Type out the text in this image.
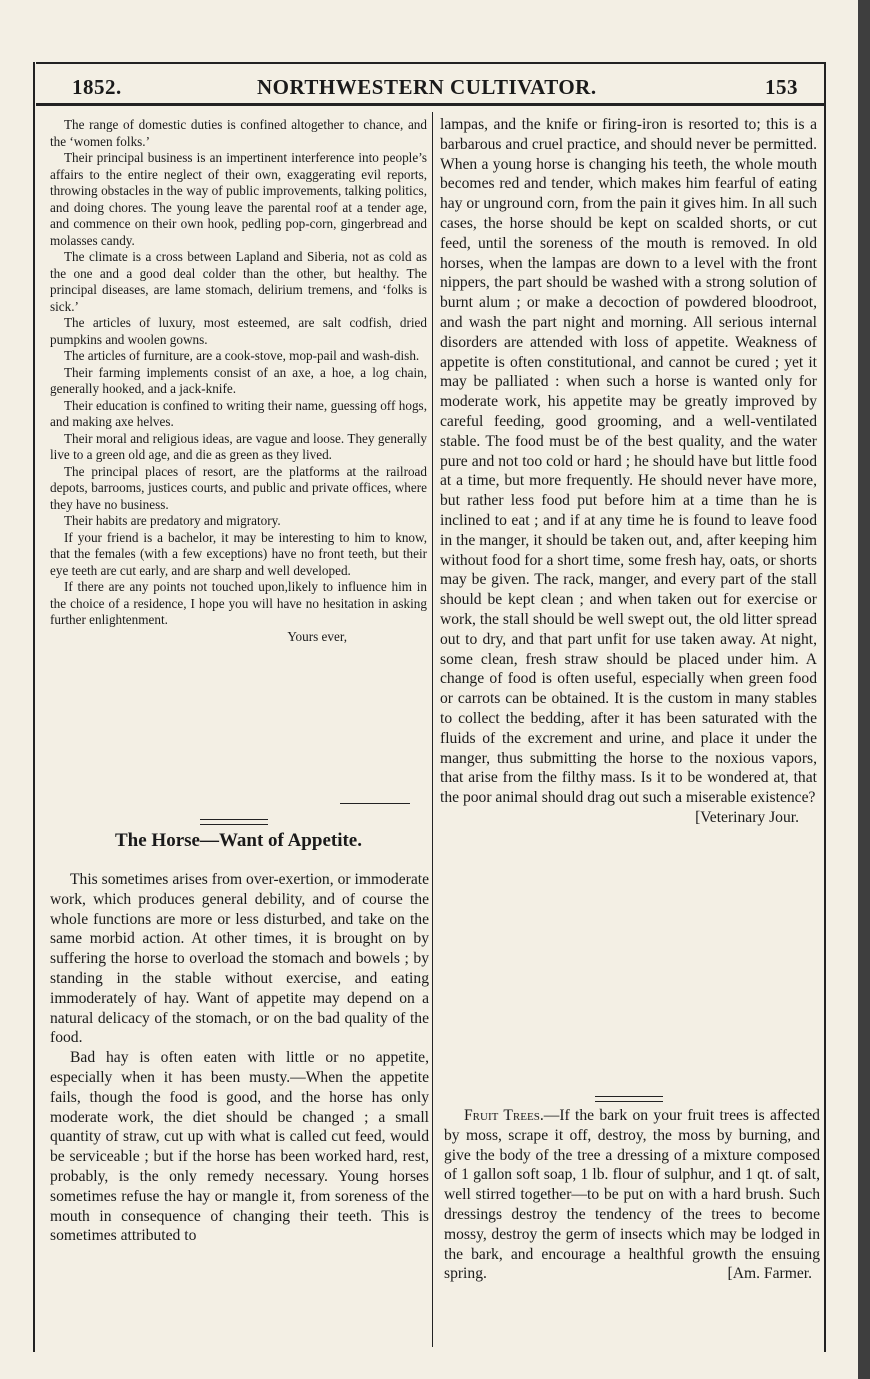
1852.	NORTHWESTERN CULTIVATOR.	153

The range of domestic duties is confined altogether to chance, and the ‘women folks.’

Their principal business is an impertinent interference into people’s affairs to the entire neglect of their own, exaggerating evil reports, throwing obstacles in the way of public improvements, talking politics, and doing chores. The young leave the parental roof at a tender age, and commence on their own hook, pedling pop-corn, gingerbread and molasses candy.

The climate is a cross between Lapland and Siberia, not as cold as the one and a good deal colder than the other, but healthy. The principal diseases, are lame stomach, delirium tremens, and ‘folks is sick.’

The articles of luxury, most esteemed, are salt codfish, dried pumpkins and woolen gowns.

The articles of furniture, are a cook-stove, mop-pail and wash-dish.

Their farming implements consist of an axe, a hoe, a log chain, generally hooked, and a jack-knife.

Their education is confined to writing their name, guessing off hogs, and making axe helves.

Their moral and religious ideas, are vague and loose. They generally live to a green old age, and die as green as they lived.

The principal places of resort, are the platforms at the railroad depots, barrooms, justices courts, and public and private offices, where they have no business.

Their habits are predatory and migratory.

If your friend is a bachelor, it may be interesting to him to know, that the females (with a few exceptions) have no front teeth, but their eye teeth are cut early, and are sharp and well developed.

If there are any points not touched upon,likely to influence him in the choice of a residence, I hope you will have no hesitation in asking further enlightenment.

Yours ever,

The Horse—Want of Appetite.

This sometimes arises from over-exertion, or immoderate work, which produces general debility, and of course the whole functions are more or less disturbed, and take on the same morbid action. At other times, it is brought on by suffering the horse to overload the stomach and bowels ; by standing in the stable without exercise, and eating immoderately of hay. Want of appetite may depend on a natural delicacy of the stomach, or on the bad quality of the food.

Bad hay is often eaten with little or no appetite, especially when it has been musty.—When the appetite fails, though the food is good, and the horse has only moderate work, the diet should be changed ; a small quantity of straw, cut up with what is called cut feed, would be serviceable ; but if the horse has been worked hard, rest, probably, is the only remedy necessary. Young horses sometimes refuse the hay or mangle it, from soreness of the mouth in consequence of changing their teeth. This is sometimes attributed to

lampas, and the knife or firing-iron is resorted to; this is a barbarous and cruel practice, and should never be permitted. When a young horse is changing his teeth, the whole mouth becomes red and tender, which makes him fearful of eating hay or unground corn, from the pain it gives him. In all such cases, the horse should be kept on scalded shorts, or cut feed, until the soreness of the mouth is removed. In old horses, when the lampas are down to a level with the front nippers, the part should be washed with a strong solution of burnt alum ; or make a decoction of powdered bloodroot, and wash the part night and morning. All serious internal disorders are attended with loss of appetite. Weakness of appetite is often constitutional, and cannot be cured ; yet it may be palliated : when such a horse is wanted only for moderate work, his appetite may be greatly improved by careful feeding, good grooming, and a well-ventilated stable. The food must be of the best quality, and the water pure and not too cold or hard ; he should have but little food at a time, but more frequently. He should never have more, but rather less food put before him at a time than he is inclined to eat ; and if at any time he is found to leave food in the manger, it should be taken out, and, after keeping him without food for a short time, some fresh hay, oats, or shorts may be given. The rack, manger, and every part of the stall should be kept clean ; and when taken out for exercise or work, the stall should be well swept out, the old litter spread out to dry, and that part unfit for use taken away. At night, some clean, fresh straw should be placed under him. A change of food is often useful, especially when green food or carrots can be obtained. It is the custom in many stables to collect the bedding, after it has been saturated with the fluids of the excrement and urine, and place it under the manger, thus submitting the horse to the noxious vapors, that arise from the filthy mass. Is it to be wondered at, that the poor animal should drag out such a miserable existence?

[Veterinary Jour.

Fruit Trees.—If the bark on your fruit trees is affected by moss, scrape it off, destroy, the moss by burning, and give the body of the tree a dressing of a mixture composed of 1 gallon soft soap, 1 lb. flour of sulphur, and 1 qt. of salt, well stirred together—to be put on with a hard brush. Such dressings destroy the tendency of the trees to become mossy, destroy the germ of insects which may be lodged in the bark, and encourage a healthful growth the ensuing spring.	[Am. Farmer.
